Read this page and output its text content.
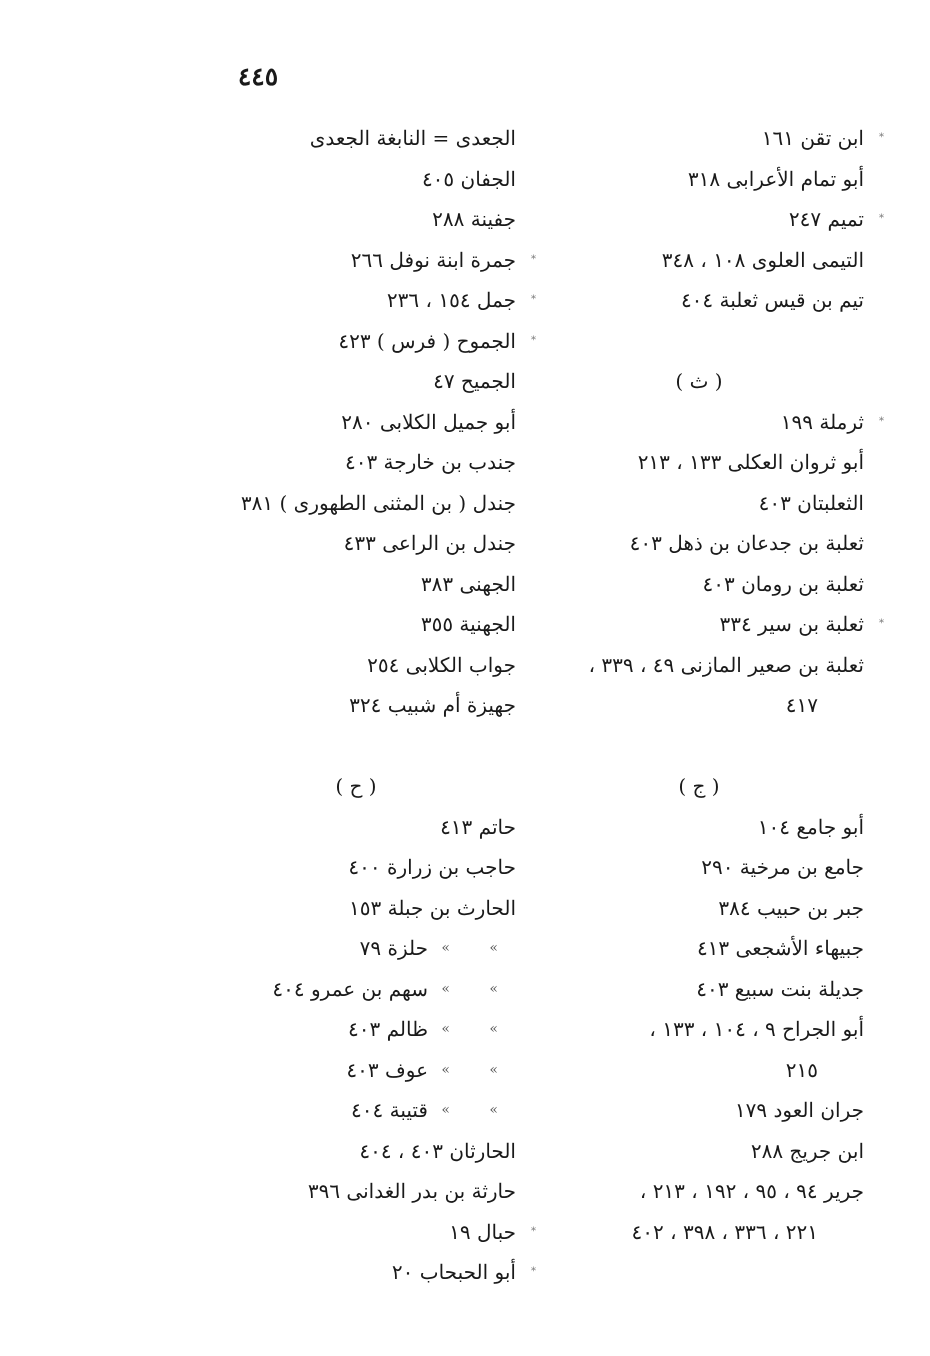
٤٤٥
*
ابن تقن ١٦١
أبو تمام الأعرابى ٣١٨
*
تميم ٢٤٧
التيمى العلوى ١٠٨ ، ٣٤٨
تيم بن قيس ثعلبة ٤٠٤
( ث )
*
ثرملة ١٩٩
أبو ثروان العكلى ١٣٣ ، ٢١٣
الثعلبتان ٤٠٣
ثعلبة بن جدعان بن ذهل ٤٠٣
ثعلبة بن رومان ٤٠٣
*
ثعلبة بن سير ٣٣٤
ثعلبة بن صعير المازنى ٤٩ ، ٣٣٩ ،
٤١٧
( ج )
أبو جامع ١٠٤
جامع بن مرخية ٢٩٠
جبر بن حبيب ٣٨٤
جبيهاء الأشجعى ٤١٣
جديلة بنت سبيع ٤٠٣
أبو الجراح ٩ ، ١٠٤ ، ١٣٣ ،
٢١٥
جران العود ١٧٩
ابن جريج ٢٨٨
جرير ٩٤ ، ٩٥ ، ١٩٢ ، ٢١٣ ،
٢٢١ ، ٣٣٦ ، ٣٩٨ ، ٤٠٢
الجعدى = النابغة الجعدى
الجفان ٤٠٥
جفينة ٢٨٨
*
جمرة ابنة نوفل ٢٦٦
*
جمل ١٥٤ ، ٢٣٦
*
الجموح ( فرس ) ٤٢٣
الجميح ٤٧
أبو جميل الكلابى ٢٨٠
جندب بن خارجة ٤٠٣
جندل ( بن المثنى الطهورى ) ٣٨١
جندل بن الراعى ٤٣٣
الجهنى ٣٨٣
الجهنية ٣٥٥
جواب الكلابى ٢٥٤
جهيزة أم شبيب ٣٢٤
( ح )
حاتم ٤١٣
حاجب بن زرارة ٤٠٠
الحارث بن جبلة ١٥٣
»
»
حلزة ٧٩
»
»
سهم بن عمرو ٤٠٤
»
»
ظالم ٤٠٣
»
»
عوف ٤٠٣
»
»
قتيبة ٤٠٤
الحارثان ٤٠٣ ، ٤٠٤
حارثة بن بدر الغدانى ٣٩٦
*
حبال ١٩
*
أبو الحبحاب ٢٠
